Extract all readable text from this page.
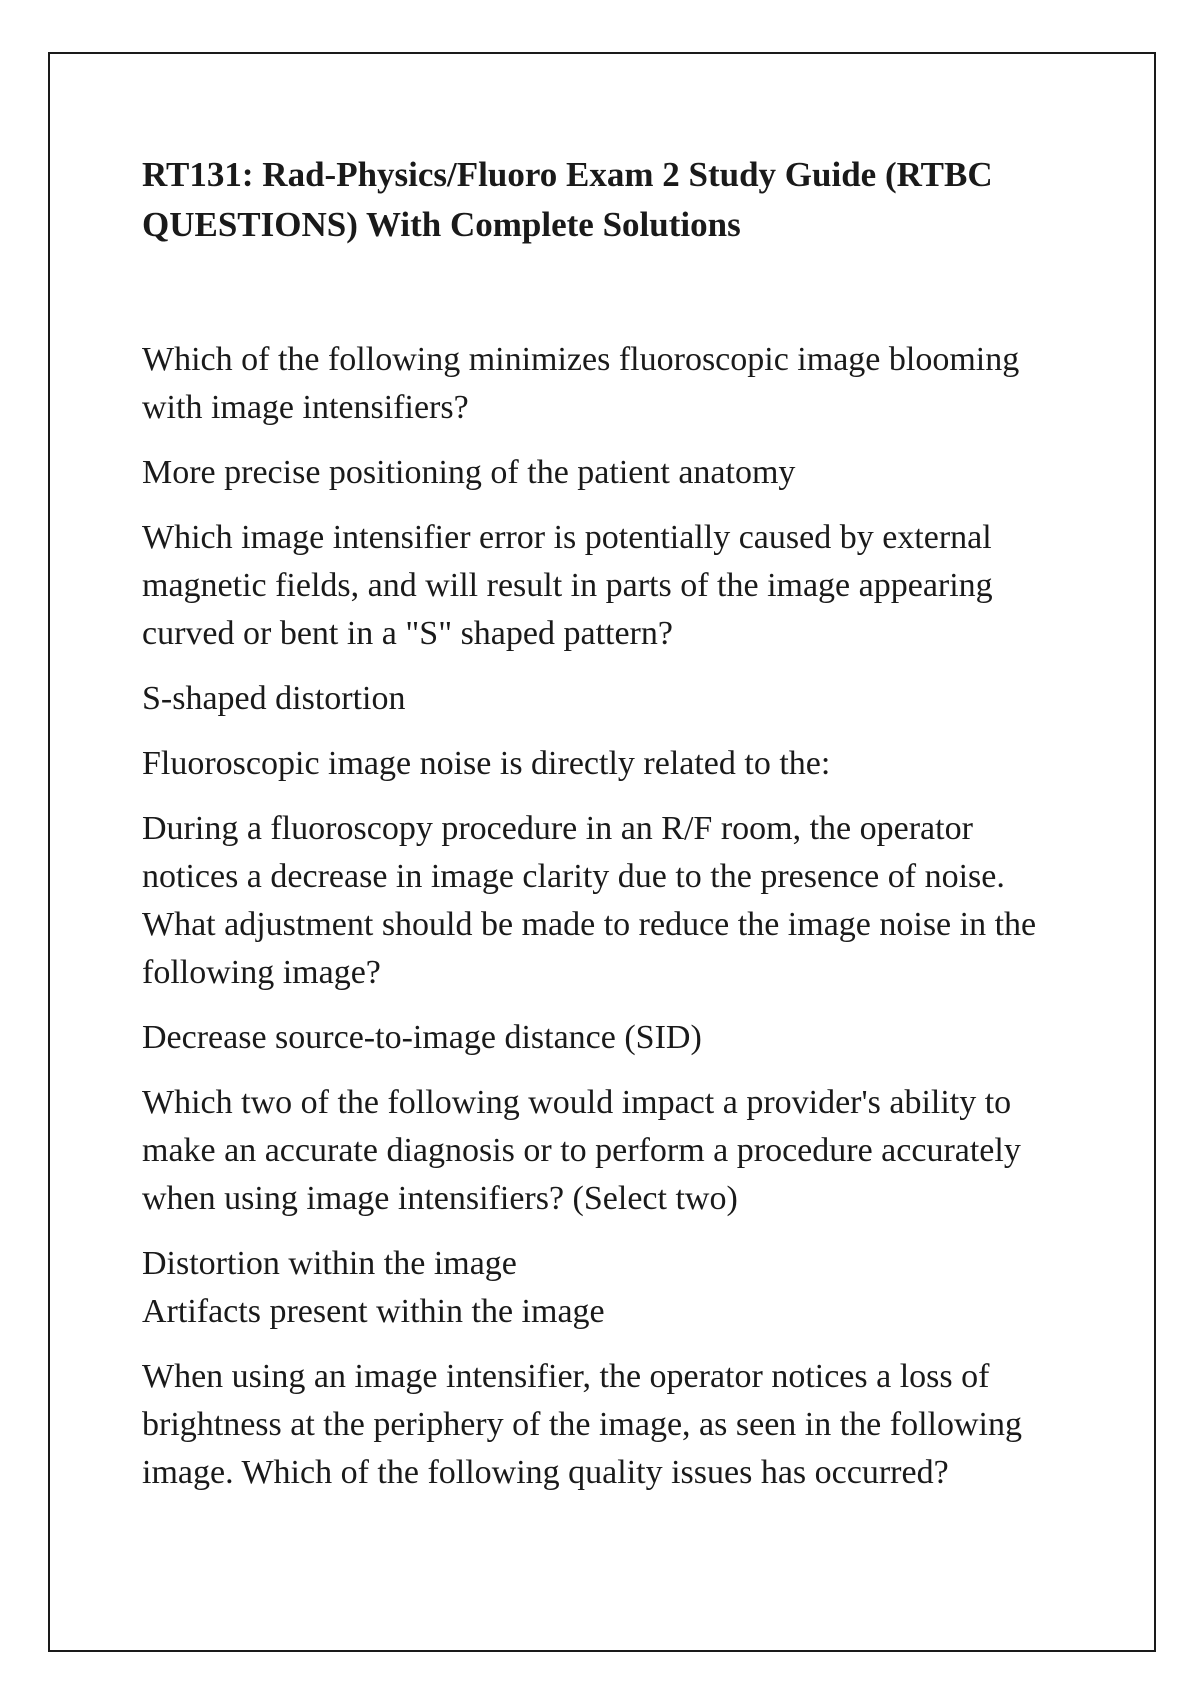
RT131: Rad-Physics/Fluoro Exam 2 Study Guide (RTBC QUESTIONS) With Complete Solutions

Which of the following minimizes fluoroscopic image blooming with image intensifiers?

More precise positioning of the patient anatomy

Which image intensifier error is potentially caused by external magnetic fields, and will result in parts of the image appearing curved or bent in a "S" shaped pattern?

S-shaped distortion

Fluoroscopic image noise is directly related to the:

During a fluoroscopy procedure in an R/F room, the operator notices a decrease in image clarity due to the presence of noise. What adjustment should be made to reduce the image noise in the following image?

Decrease source-to-image distance (SID)

Which two of the following would impact a provider's ability to make an accurate diagnosis or to perform a procedure accurately when using image intensifiers? (Select two)

Distortion within the image
Artifacts present within the image

When using an image intensifier, the operator notices a loss of brightness at the periphery of the image, as seen in the following image. Which of the following quality issues has occurred?
